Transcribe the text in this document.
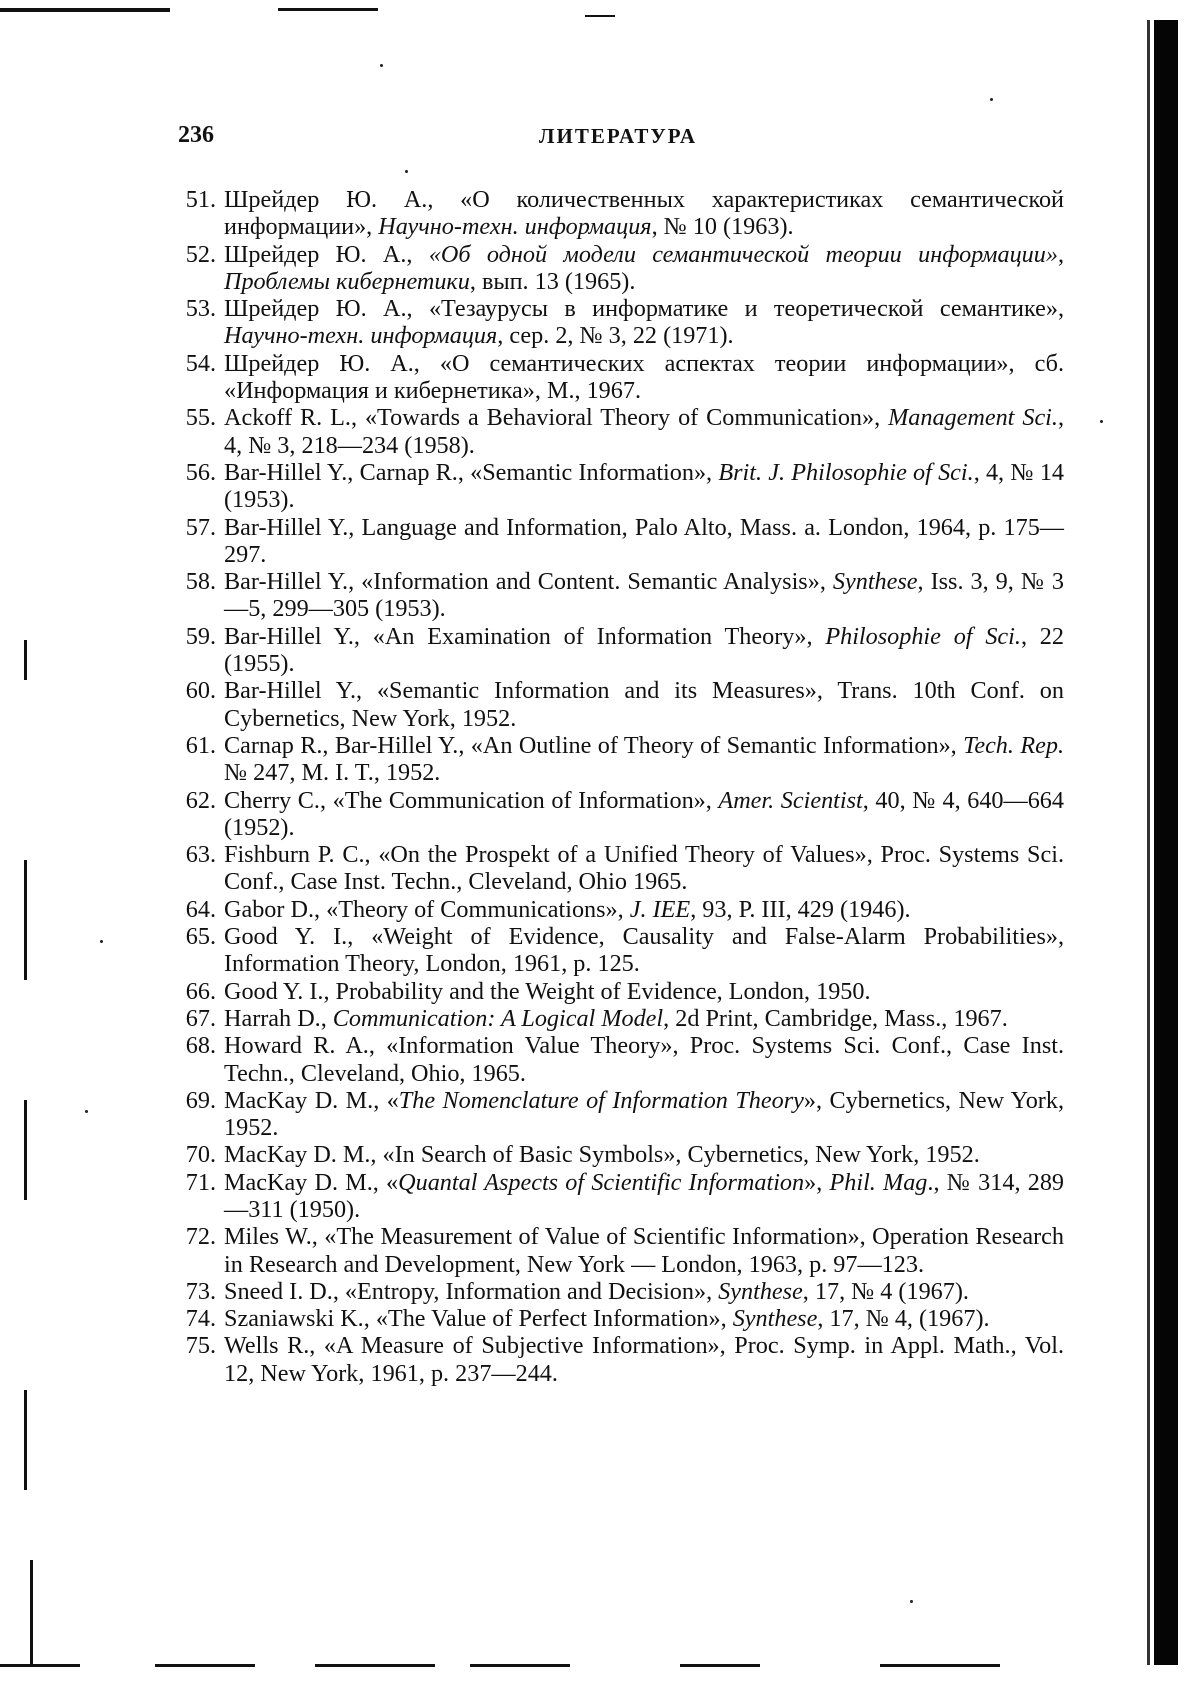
236	ЛИТЕРАТУРА
51. Шрейдер Ю. А., «О количественных характеристиках семантической информации», Научно-техн. информация, № 10 (1963).
52. Шрейдер Ю. А., «Об одной модели семантической теории информации», Проблемы кибернетики, вып. 13 (1965).
53. Шрейдер Ю. А., «Тезаурусы в информатике и теоретической семантике», Научно-техн. информация, сер. 2, № 3, 22 (1971).
54. Шрейдер Ю. А., «О семантических аспектах теории информации», сб. «Информация и кибернетика», М., 1967.
55. Ackoff R. L., «Towards a Behavioral Theory of Communication», Management Sci., 4, № 3, 218—234 (1958).
56. Bar-Hillel Y., Carnap R., «Semantic Information», Brit. J. Philosophie of Sci., 4, № 14 (1953).
57. Bar-Hillel Y., Language and Information, Palo Alto, Mass. a. London, 1964, p. 175—297.
58. Bar-Hillel Y., «Information and Content. Semantic Analysis», Synthese, Iss. 3, 9, № 3—5, 299—305 (1953).
59. Bar-Hillel Y., «An Examination of Information Theory», Philosophie of Sci., 22 (1955).
60. Bar-Hillel Y., «Semantic Information and its Measures», Trans. 10th Conf. on Cybernetics, New York, 1952.
61. Carnap R., Bar-Hillel Y., «An Outline of Theory of Semantic Information», Tech. Rep. № 247, M. I. T., 1952.
62. Cherry C., «The Communication of Information», Amer. Scientist, 40, № 4, 640—664 (1952).
63. Fishburn P. C., «On the Prospekt of a Unified Theory of Values», Proc. Systems Sci. Conf., Case Inst. Techn., Cleveland, Ohio 1965.
64. Gabor D., «Theory of Communications», J. IEE, 93, P. III, 429 (1946).
65. Good Y. I., «Weight of Evidence, Causality and False-Alarm Probabilities», Information Theory, London, 1961, p. 125.
66. Good Y. I., Probability and the Weight of Evidence, London, 1950.
67. Harrah D., Communication: A Logical Model, 2d Print, Cambridge, Mass., 1967.
68. Howard R. A., «Information Value Theory», Proc. Systems Sci. Conf., Case Inst. Techn., Cleveland, Ohio, 1965.
69. MacKay D. M., «The Nomenclature of Information Theory», Cybernetics, New York, 1952.
70. MacKay D. M., «In Search of Basic Symbols», Cybernetics, New York, 1952.
71. MacKay D. M., «Quantal Aspects of Scientific Information», Phil. Mag., № 314, 289—311 (1950).
72. Miles W., «The Measurement of Value of Scientific Information», Operation Research in Research and Development, New York — London, 1963, p. 97—123.
73. Sneed I. D., «Entropy, Information and Decision», Synthese, 17, № 4 (1967).
74. Szaniawski K., «The Value of Perfect Information», Synthese, 17, № 4, (1967).
75. Wells R., «A Measure of Subjective Information», Proc. Symp. in Appl. Math., Vol. 12, New York, 1961, p. 237—244.
